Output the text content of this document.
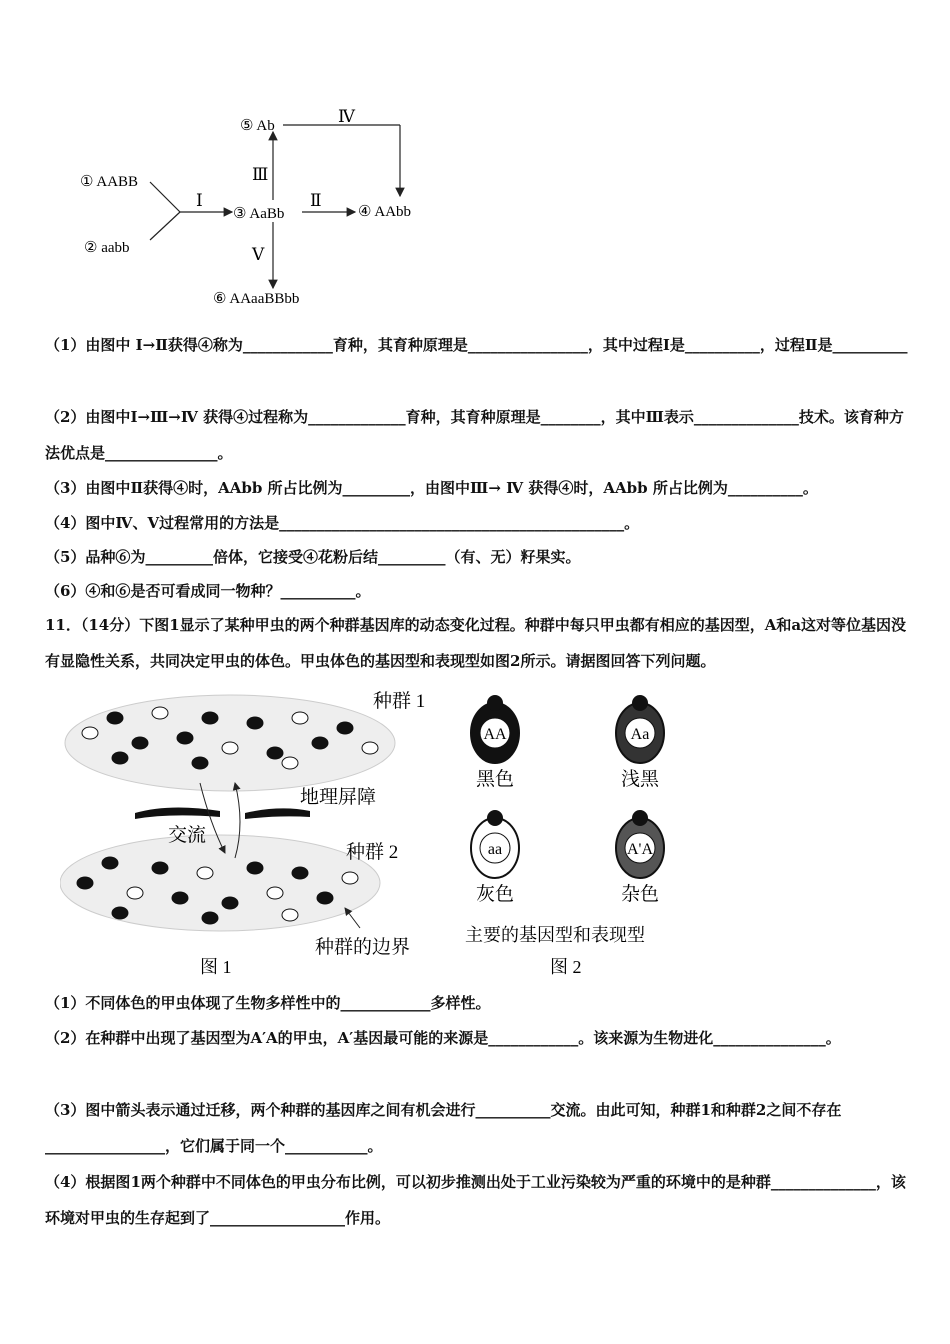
① AABB
② aabb
③ AaBb	④ AAbb
⑤ Ab
⑥ AAaaBBbb
Ⅰ	Ⅱ
Ⅲ
Ⅳ
Ⅴ
（1）由图中 Ⅰ→Ⅱ获得④称为____________育种，其育种原理是________________，其中过程Ⅰ是__________，过程Ⅱ是__________
（2）由图中Ⅰ→Ⅲ→Ⅳ 获得④过程称为_____________育种，其育种原理是________，其中Ⅲ表示______________技术。该育种方法优点是_______________。
（3）由图中Ⅱ获得④时，AAbb 所占比例为_________，由图中Ⅲ→ Ⅳ 获得④时，AAbb 所占比例为__________。
（4）图中Ⅳ、Ⅴ过程常用的方法是______________________________________________。
（5）品种⑥为_________倍体，它接受④花粉后结_________（有、无）籽果实。
（6）④和⑥是否可看成同一物种？__________。
11．（14分）下图1显示了某种甲虫的两个种群基因库的动态变化过程。种群中每只甲虫都有相应的基因型，A和a这对等位基因没有显隐性关系，共同决定甲虫的体色。甲虫体色的基因型和表现型如图2所示。请据图回答下列问题。
种群 1
种群 2
地理屏障
交流
种群的边界
图 1
AA
黑色
Aa
浅黑
aa
灰色
A'A
杂色
主要的基因型和表现型
图 2
（1）不同体色的甲虫体现了生物多样性中的____________多样性。
（2）在种群中出现了基因型为A′A的甲虫，A′基因最可能的来源是____________。该来源为生物进化_______________。
（3）图中箭头表示通过迁移，两个种群的基因库之间有机会进行__________交流。由此可知，种群1和种群2之间不存在________________，它们属于同一个___________。
（4）根据图1两个种群中不同体色的甲虫分布比例，可以初步推测出处于工业污染较为严重的环境中的是种群______________，该环境对甲虫的生存起到了__________________作用。
